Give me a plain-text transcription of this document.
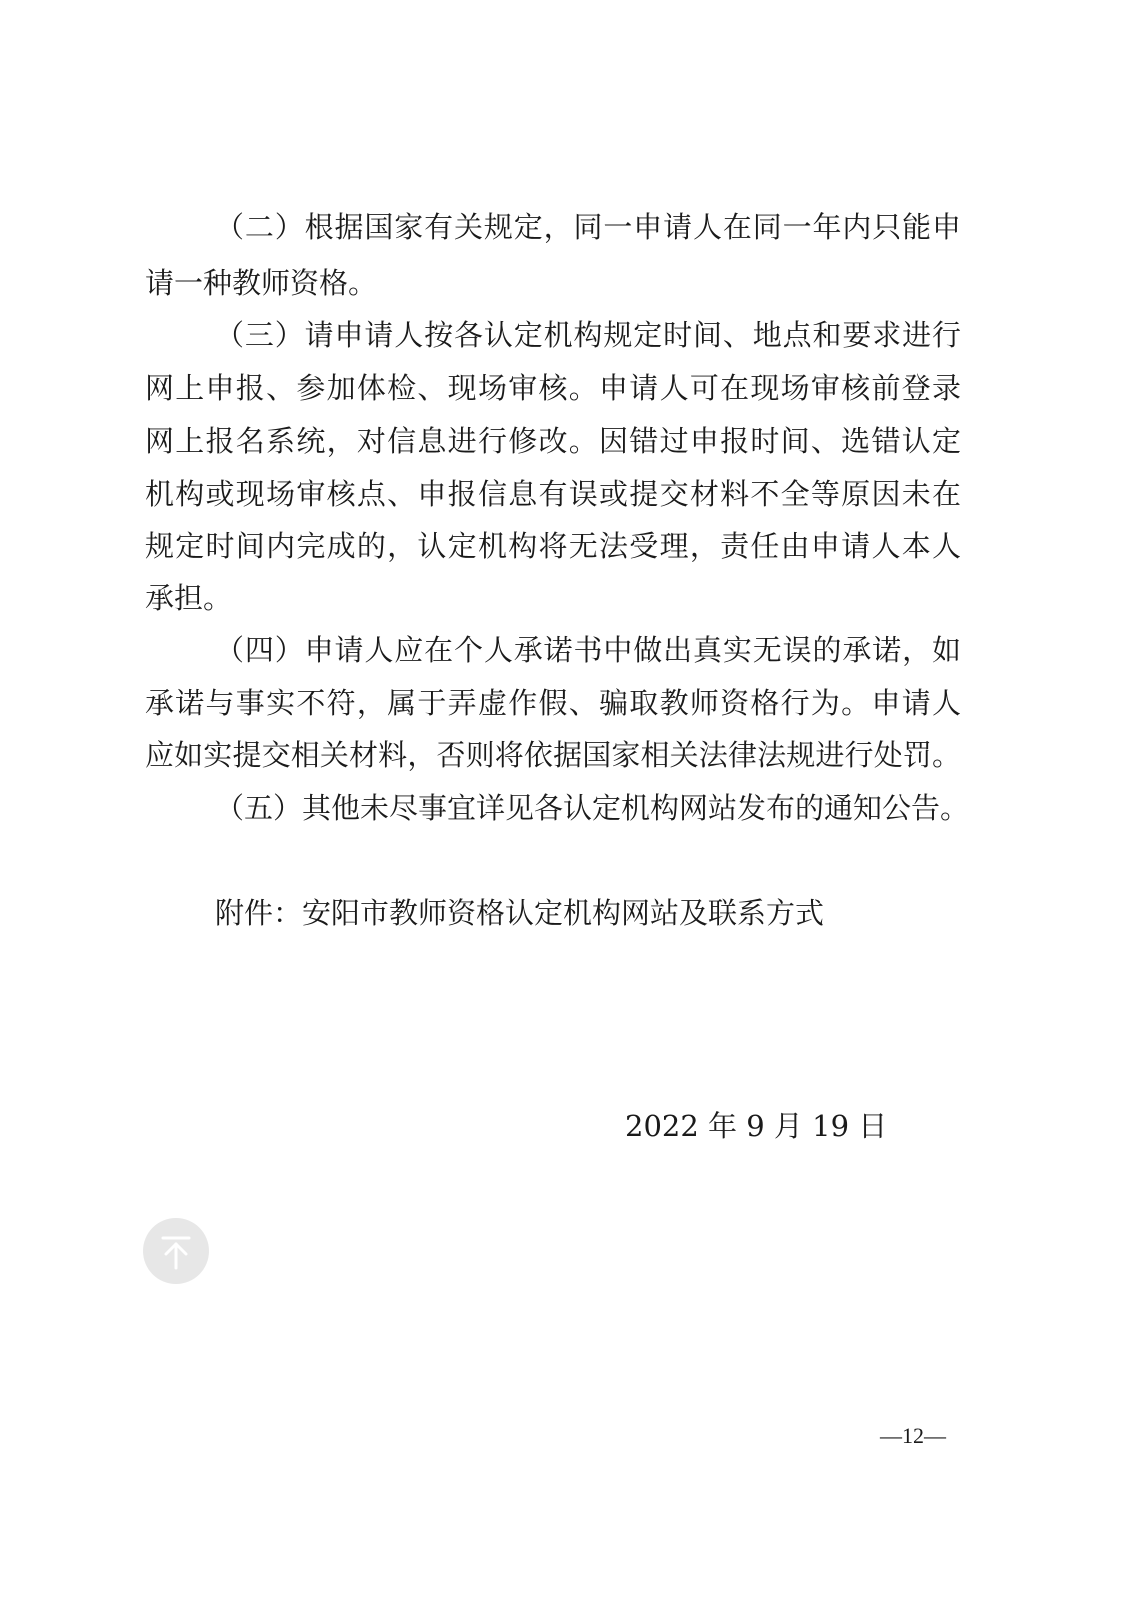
（二）根据国家有关规定，同一申请人在同一年内只能申
请一种教师资格。
（三）请申请人按各认定机构规定时间、地点和要求进行
网上申报、参加体检、现场审核。申请人可在现场审核前登录
网上报名系统，对信息进行修改。因错过申报时间、选错认定
机构或现场审核点、申报信息有误或提交材料不全等原因未在
规定时间内完成的，认定机构将无法受理，责任由申请人本人
承担。
（四）申请人应在个人承诺书中做出真实无误的承诺，如
承诺与事实不符，属于弄虚作假、骗取教师资格行为。申请人
应如实提交相关材料，否则将依据国家相关法律法规进行处罚。
（五）其他未尽事宜详见各认定机构网站发布的通知公告。
附件：安阳市教师资格认定机构网站及联系方式
2022 年 9 月 19 日
—12—
